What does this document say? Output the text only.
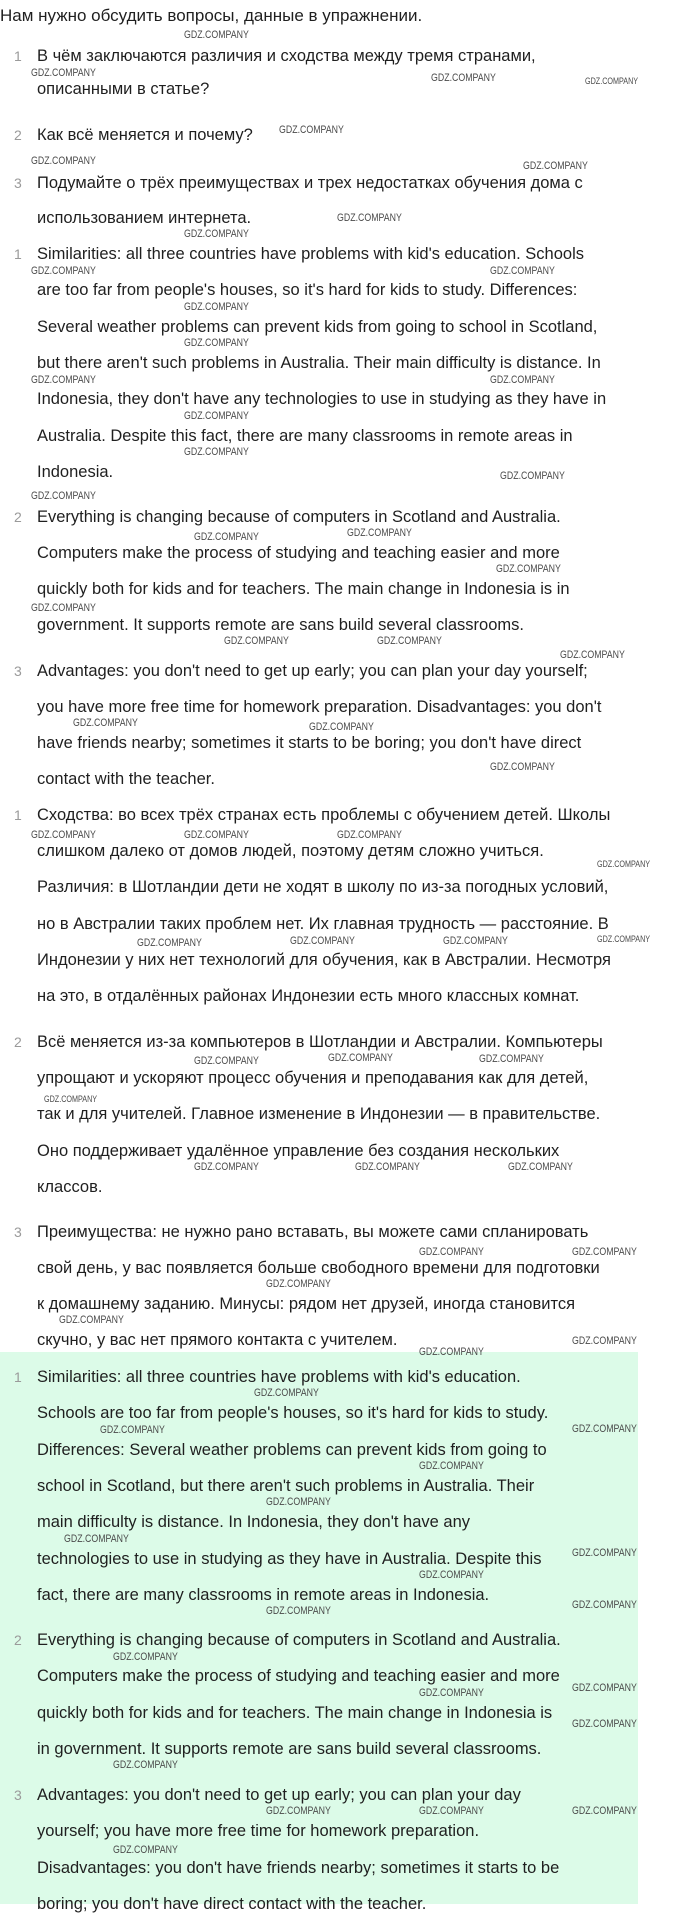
Нам нужно обсудить вопросы, данные в упражнении.
1 В чём заключаются различия и сходства между тремя странами,
описанными в статье?
2 Как всё меняется и почему?
3 Подумайте о трёх преимуществах и трех недостатках обучения дома с
использованием интернета.
1 Similarities: all three countries have problems with kid's education. Schools
are too far from people's houses, so it's hard for kids to study. Differences:
Several weather problems can prevent kids from going to school in Scotland,
but there aren't such problems in Australia. Their main difficulty is distance. In
Indonesia, they don't have any technologies to use in studying as they have in
Australia. Despite this fact, there are many classrooms in remote areas in
Indonesia.
2 Everything is changing because of computers in Scotland and Australia.
Computers make the process of studying and teaching easier and more
quickly both for kids and for teachers. The main change in Indonesia is in
government. It supports remote are sans build several classrooms.
3 Advantages: you don't need to get up early; you can plan your day yourself;
you have more free time for homework preparation. Disadvantages: you don't
have friends nearby; sometimes it starts to be boring; you don't have direct
contact with the teacher.
1 Сходства: во всех трёх странах есть проблемы с обучением детей. Школы
слишком далеко от домов людей, поэтому детям сложно учиться.
Различия: в Шотландии дети не ходят в школу по из-за погодных условий,
но в Австралии таких проблем нет. Их главная трудность — расстояние. В
Индонезии у них нет технологий для обучения, как в Австралии. Несмотря
на это, в отдалённых районах Индонезии есть много классных комнат.
2 Всё меняется из-за компьютеров в Шотландии и Австралии. Компьютеры
упрощают и ускоряют процесс обучения и преподавания как для детей,
так и для учителей. Главное изменение в Индонезии — в правительстве.
Оно поддерживает удалённое управление без создания нескольких
классов.
3 Преимущества: не нужно рано вставать, вы можете сами спланировать
свой день, у вас появляется больше свободного времени для подготовки
к домашнему заданию. Минусы: рядом нет друзей, иногда становится
скучно, у вас нет прямого контакта с учителем.
1 Similarities: all three countries have problems with kid's education.
Schools are too far from people's houses, so it's hard for kids to study.
Differences: Several weather problems can prevent kids from going to
school in Scotland, but there aren't such problems in Australia. Their
main difficulty is distance. In Indonesia, they don't have any
technologies to use in studying as they have in Australia. Despite this
fact, there are many classrooms in remote areas in Indonesia.
2 Everything is changing because of computers in Scotland and Australia.
Computers make the process of studying and teaching easier and more
quickly both for kids and for teachers. The main change in Indonesia is
in government. It supports remote are sans build several classrooms.
3 Advantages: you don't need to get up early; you can plan your day
yourself; you have more free time for homework preparation.
Disadvantages: you don't have friends nearby; sometimes it starts to be
boring; you don't have direct contact with the teacher.
GDZ.COMPANY
GDZ.COMPANY	GDZ.COMPANY	GDZ.COMPANY
GDZ.COMPANY
GDZ.COMPANY	GDZ.COMPANY
GDZ.COMPANY
GDZ.COMPANY
GDZ.COMPANY	GDZ.COMPANY
GDZ.COMPANY
GDZ.COMPANY
GDZ.COMPANY	GDZ.COMPANY
GDZ.COMPANY
GDZ.COMPANY
GDZ.COMPANY
GDZ.COMPANY
GDZ.COMPANY	GDZ.COMPANY
GDZ.COMPANY
GDZ.COMPANY
GDZ.COMPANY	GDZ.COMPANY
GDZ.COMPANY
GDZ.COMPANY	GDZ.COMPANY
GDZ.COMPANY
GDZ.COMPANY	GDZ.COMPANY	GDZ.COMPANY
GDZ.COMPANY
GDZ.COMPANY	GDZ.COMPANY	GDZ.COMPANY	GDZ.COMPANY
GDZ.COMPANY	GDZ.COMPANY	GDZ.COMPANY
GDZ.COMPANY
GDZ.COMPANY	GDZ.COMPANY	GDZ.COMPANY
GDZ.COMPANY	GDZ.COMPANY
GDZ.COMPANY
GDZ.COMPANY
GDZ.COMPANY
GDZ.COMPANY
GDZ.COMPANY
GDZ.COMPANY	GDZ.COMPANY
GDZ.COMPANY
GDZ.COMPANY
GDZ.COMPANY
GDZ.COMPANY
GDZ.COMPANY
GDZ.COMPANY	GDZ.COMPANY
GDZ.COMPANY
GDZ.COMPANY
GDZ.COMPANY
GDZ.COMPANY
GDZ.COMPANY
GDZ.COMPANY	GDZ.COMPANY	GDZ.COMPANY
GDZ.COMPANY
